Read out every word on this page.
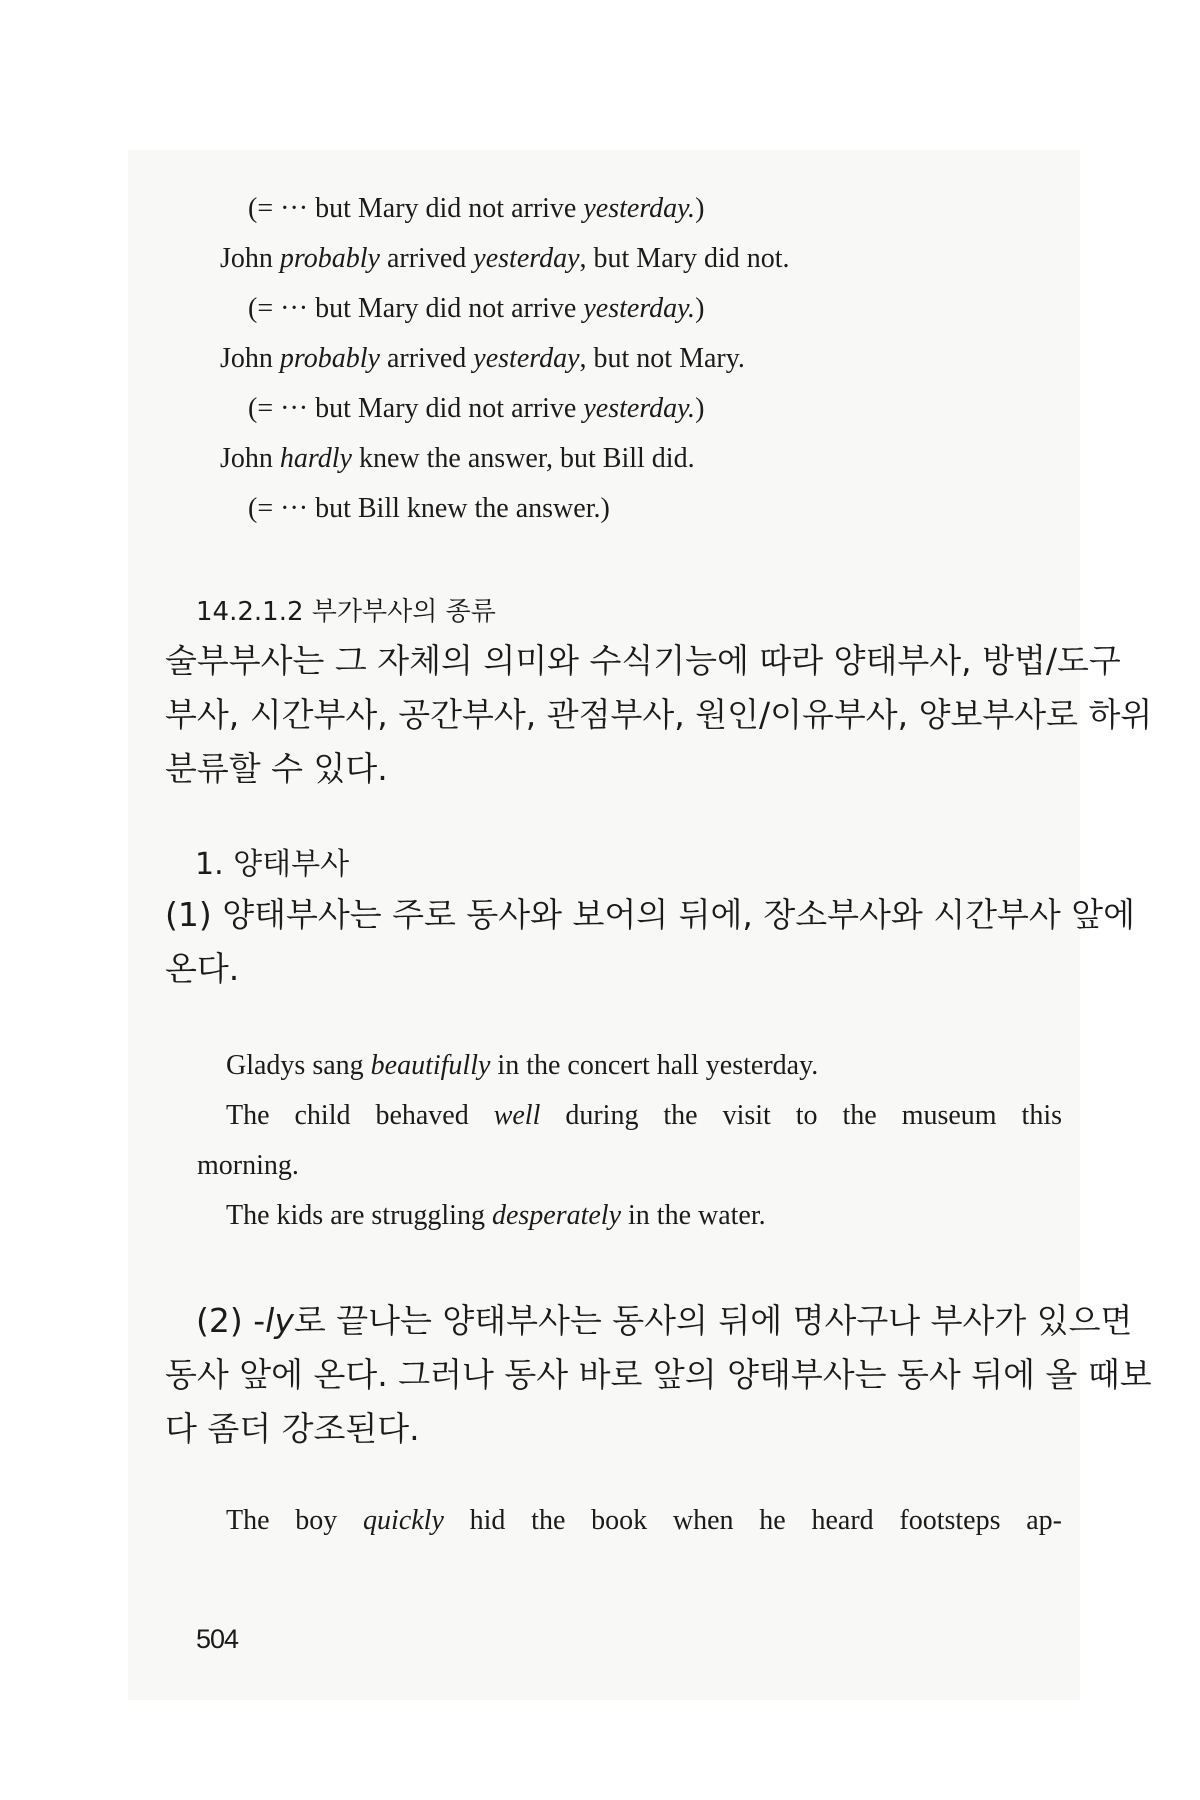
(= ··· but Mary did not arrive yesterday.)
John probably arrived yesterday, but Mary did not.
(= ··· but Mary did not arrive yesterday.)
John probably arrived yesterday, but not Mary.
(= ··· but Mary did not arrive yesterday.)
John hardly knew the answer, but Bill did.
(= ··· but Bill knew the answer.)
14.2.1.2 부가부사의 종류
술부부사는 그 자체의 의미와 수식기능에 따라 양태부사, 방법/도구
부사, 시간부사, 공간부사, 관점부사, 원인/이유부사, 양보부사로 하위
분류할 수 있다.
1. 양태부사
(1) 양태부사는 주로 동사와 보어의 뒤에, 장소부사와 시간부사 앞에
온다.
Gladys sang beautifully in the concert hall yesterday.
The child behaved well during the visit to the museum this
morning.
The kids are struggling desperately in the water.
(2) -ly로 끝나는 양태부사는 동사의 뒤에 명사구나 부사가 있으면
동사 앞에 온다. 그러나 동사 바로 앞의 양태부사는 동사 뒤에 올 때보
다 좀더 강조된다.
The boy quickly hid the book when he heard footsteps ap-
504
